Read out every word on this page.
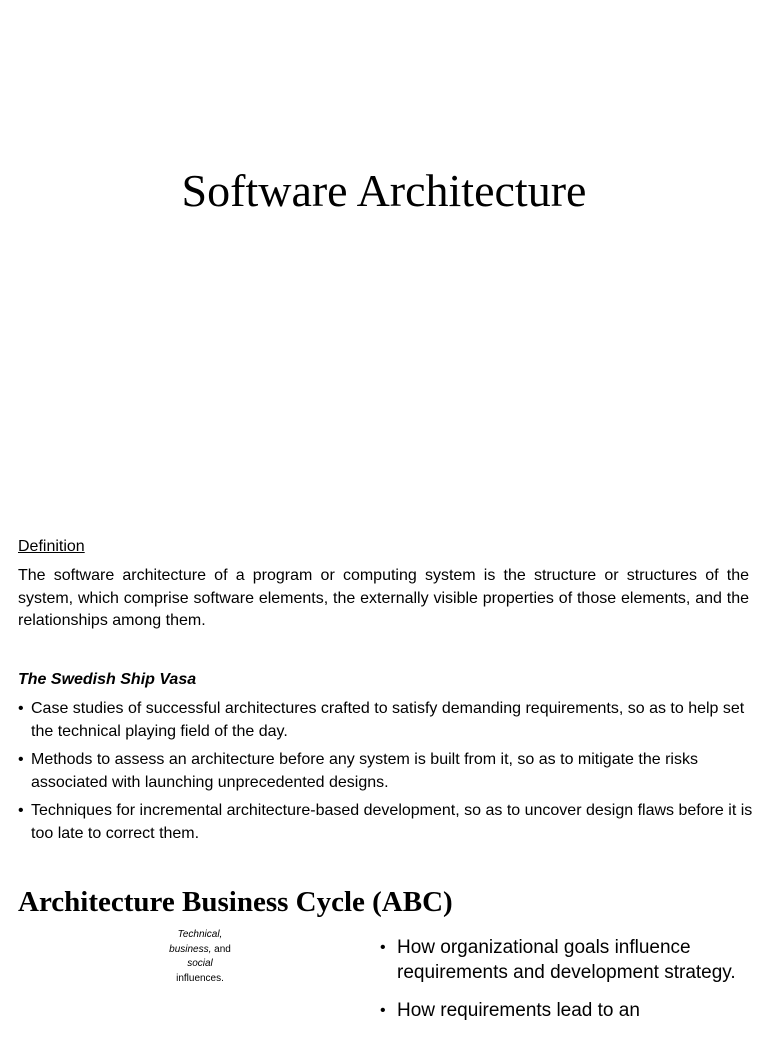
Software Architecture
Definition

The software architecture of a program or computing system is the structure or structures of the system, which comprise software elements, the externally visible properties of those elements, and the relationships among them.

The Swedish Ship Vasa
• Case studies of successful architectures crafted to satisfy demanding requirements, so as to help set the technical playing field of the day.
• Methods to assess an architecture before any system is built from it, so as to mitigate the risks associated with launching unprecedented designs.
• Techniques for incremental architecture-based development, so as to uncover design flaws before it is too late to correct them.
Architecture Business Cycle (ABC)
Technical,
business, and
social
influences.
• How organizational goals influence requirements and development strategy.
• How requirements lead to an
